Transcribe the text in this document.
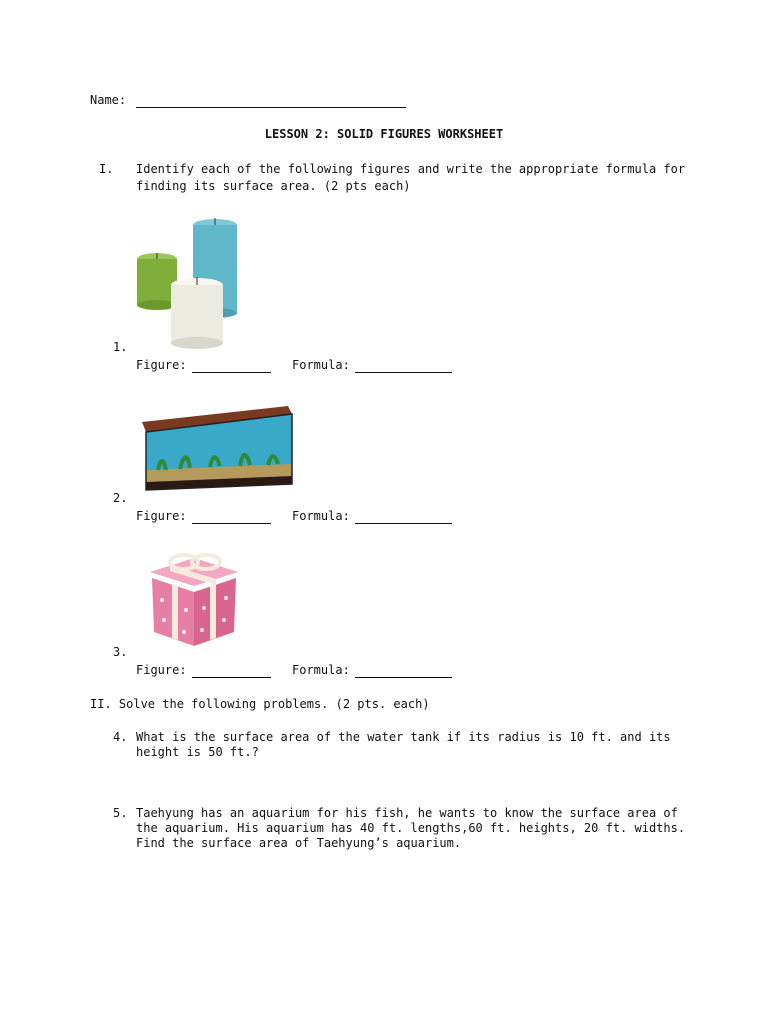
Name:
LESSON 2: SOLID FIGURES WORKSHEET
I. Identify each of the following figures and write the appropriate formula for
finding its surface area. (2 pts each)
1.
Figure:	Formula:
2.
Figure:	Formula:
3.
Figure:	Formula:
II. Solve the following problems. (2 pts. each)
4. What is the surface area of the water tank if its radius is 10 ft. and its
height is 50 ft.?
5. Taehyung has an aquarium for his fish, he wants to know the surface area of
the aquarium. His aquarium has 40 ft. lengths,60 ft. heights, 20 ft. widths.
Find the surface area of Taehyung’s aquarium.
